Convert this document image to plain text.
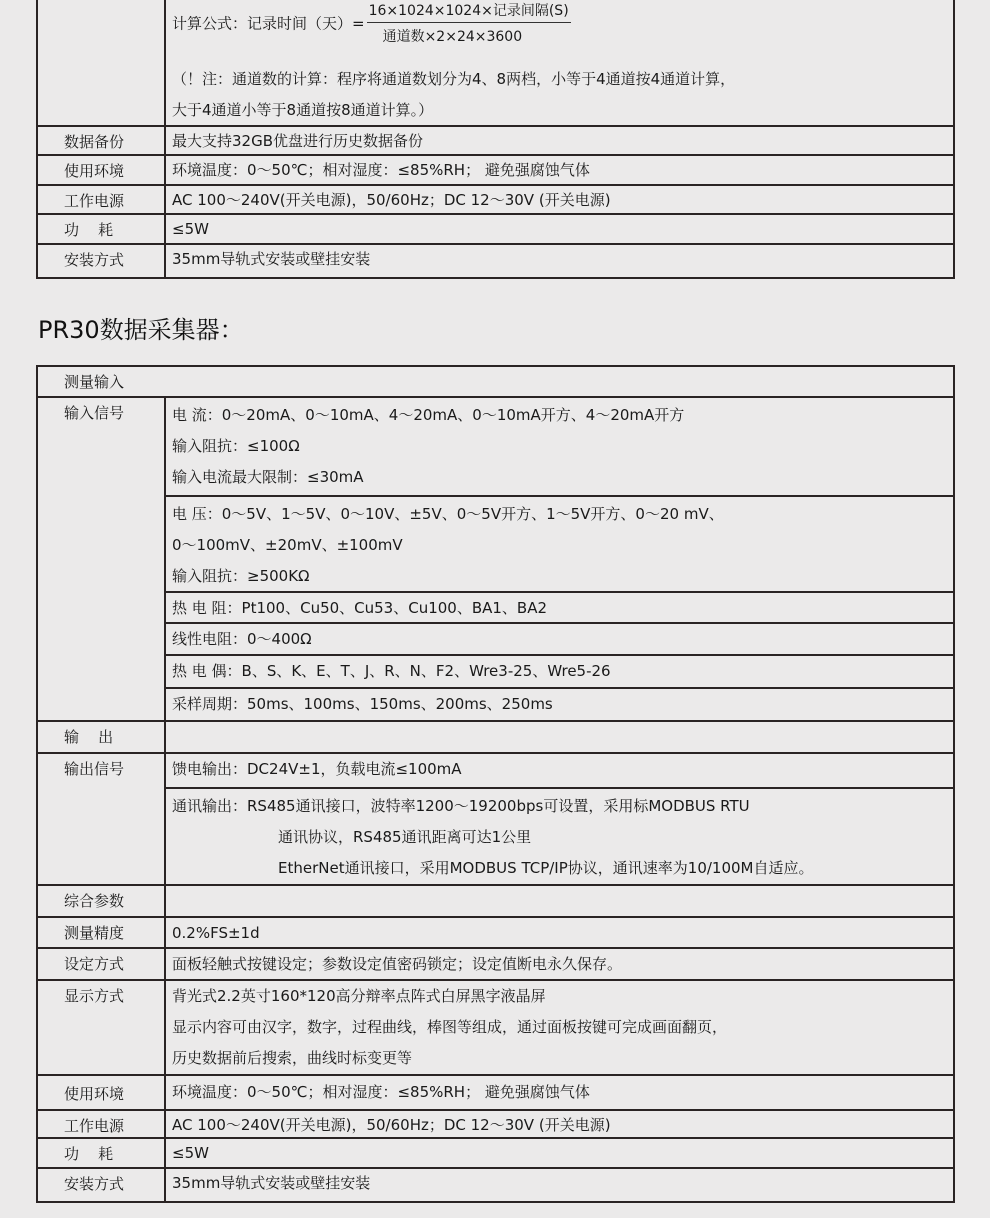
计算公式：记录时间（天）= $\frac{\text{16×1024×1024×记录间隔(S)}}{\text{通道数×2×24×3600}}$
（！注：通道数的计算：程序将通道数划分为4、8两档，小等于4通道按4通道计算，
大于4通道小等于8通道按8通道计算。）
数据备份	最大支持32GB优盘进行历史数据备份
使用环境	环境温度：0～50℃；相对湿度：≤85%RH； 避免强腐蚀气体
工作电源	AC 100～240V(开关电源)，50/60Hz；DC 12～30V (开关电源)
功    耗	≤5W
安装方式	35mm导轨式安装或壁挂安装
PR30数据采集器：
测量输入
输入信号	电 流：0～20mA、0～10mA、4～20mA、0～10mA开方、4～20mA开方
输入阻抗：≤100Ω
输入电流最大限制：≤30mA
电 压：0～5V、1～5V、0～10V、±5V、0～5V开方、1～5V开方、0～20 mV、
0～100mV、±20mV、±100mV
输入阻抗：≥500KΩ
热 电 阻：Pt100、Cu50、Cu53、Cu100、BA1、BA2
线性电阻：0～400Ω
热 电 偶：B、S、K、E、T、J、R、N、F2、Wre3-25、Wre5-26
采样周期：50ms、100ms、150ms、200ms、250ms
输    出
输出信号	馈电输出：DC24V±1，负载电流≤100mA
通讯输出：RS485通讯接口，波特率1200～19200bps可设置，采用标MODBUS RTU
通讯协议，RS485通讯距离可达1公里
EtherNet通讯接口，采用MODBUS TCP/IP协议，通讯速率为10/100M自适应。
综合参数
测量精度	0.2%FS±1d
设定方式	面板轻触式按键设定；参数设定值密码锁定；设定值断电永久保存。
显示方式	背光式2.2英寸160*120高分辩率点阵式白屏黑字液晶屏
显示内容可由汉字，数字，过程曲线，棒图等组成，通过面板按键可完成画面翻页，
历史数据前后搜索，曲线时标变更等
使用环境	环境温度：0～50℃；相对湿度：≤85%RH； 避免强腐蚀气体
工作电源	AC 100～240V(开关电源)，50/60Hz；DC 12～30V (开关电源)
功    耗	≤5W
安装方式	35mm导轨式安装或壁挂安装
